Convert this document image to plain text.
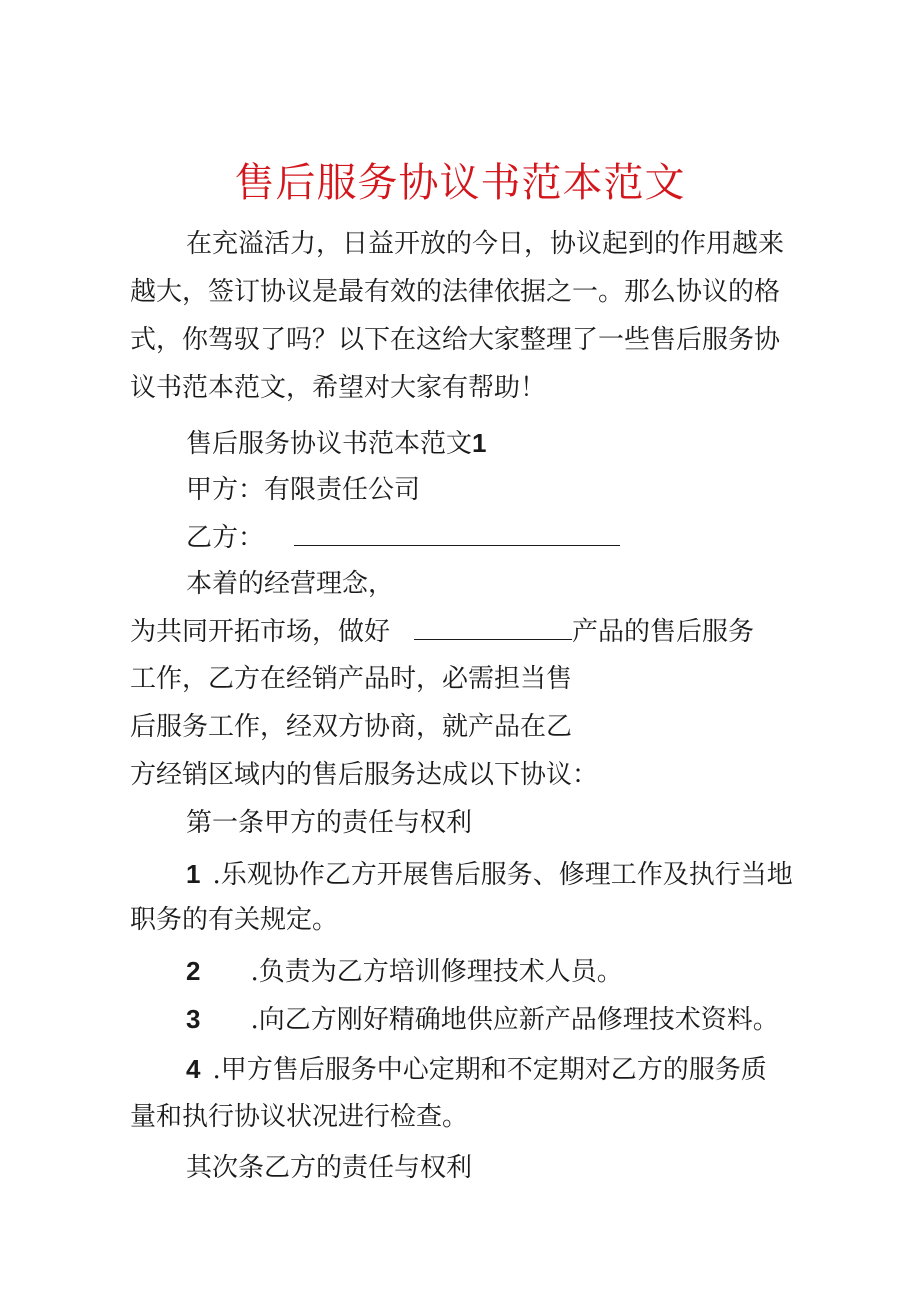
售后服务协议书范本范文

在充溢活力，日益开放的今日，协议起到的作用越来

越大，签订协议是最有效的法律依据之一。那么协议的格

式，你驾驭了吗？以下在这给大家整理了一些售后服务协

议书范本范文，希望对大家有帮助！

售后服务协议书范本范文1

甲方：有限责任公司

乙方：

本着的经营理念，

为共同开拓市场，做好	产品的售后服务

工作，乙方在经销产品时，必需担当售

后服务工作，经双方协商，就产品在乙

方经销区域内的售后服务达成以下协议：

第一条甲方的责任与权利

1 .乐观协作乙方开展售后服务、修理工作及执行当地

职务的有关规定。

2 .负责为乙方培训修理技术人员。

3 .向乙方刚好精确地供应新产品修理技术资料。

4 .甲方售后服务中心定期和不定期对乙方的服务质

量和执行协议状况进行检查。

其次条乙方的责任与权利
